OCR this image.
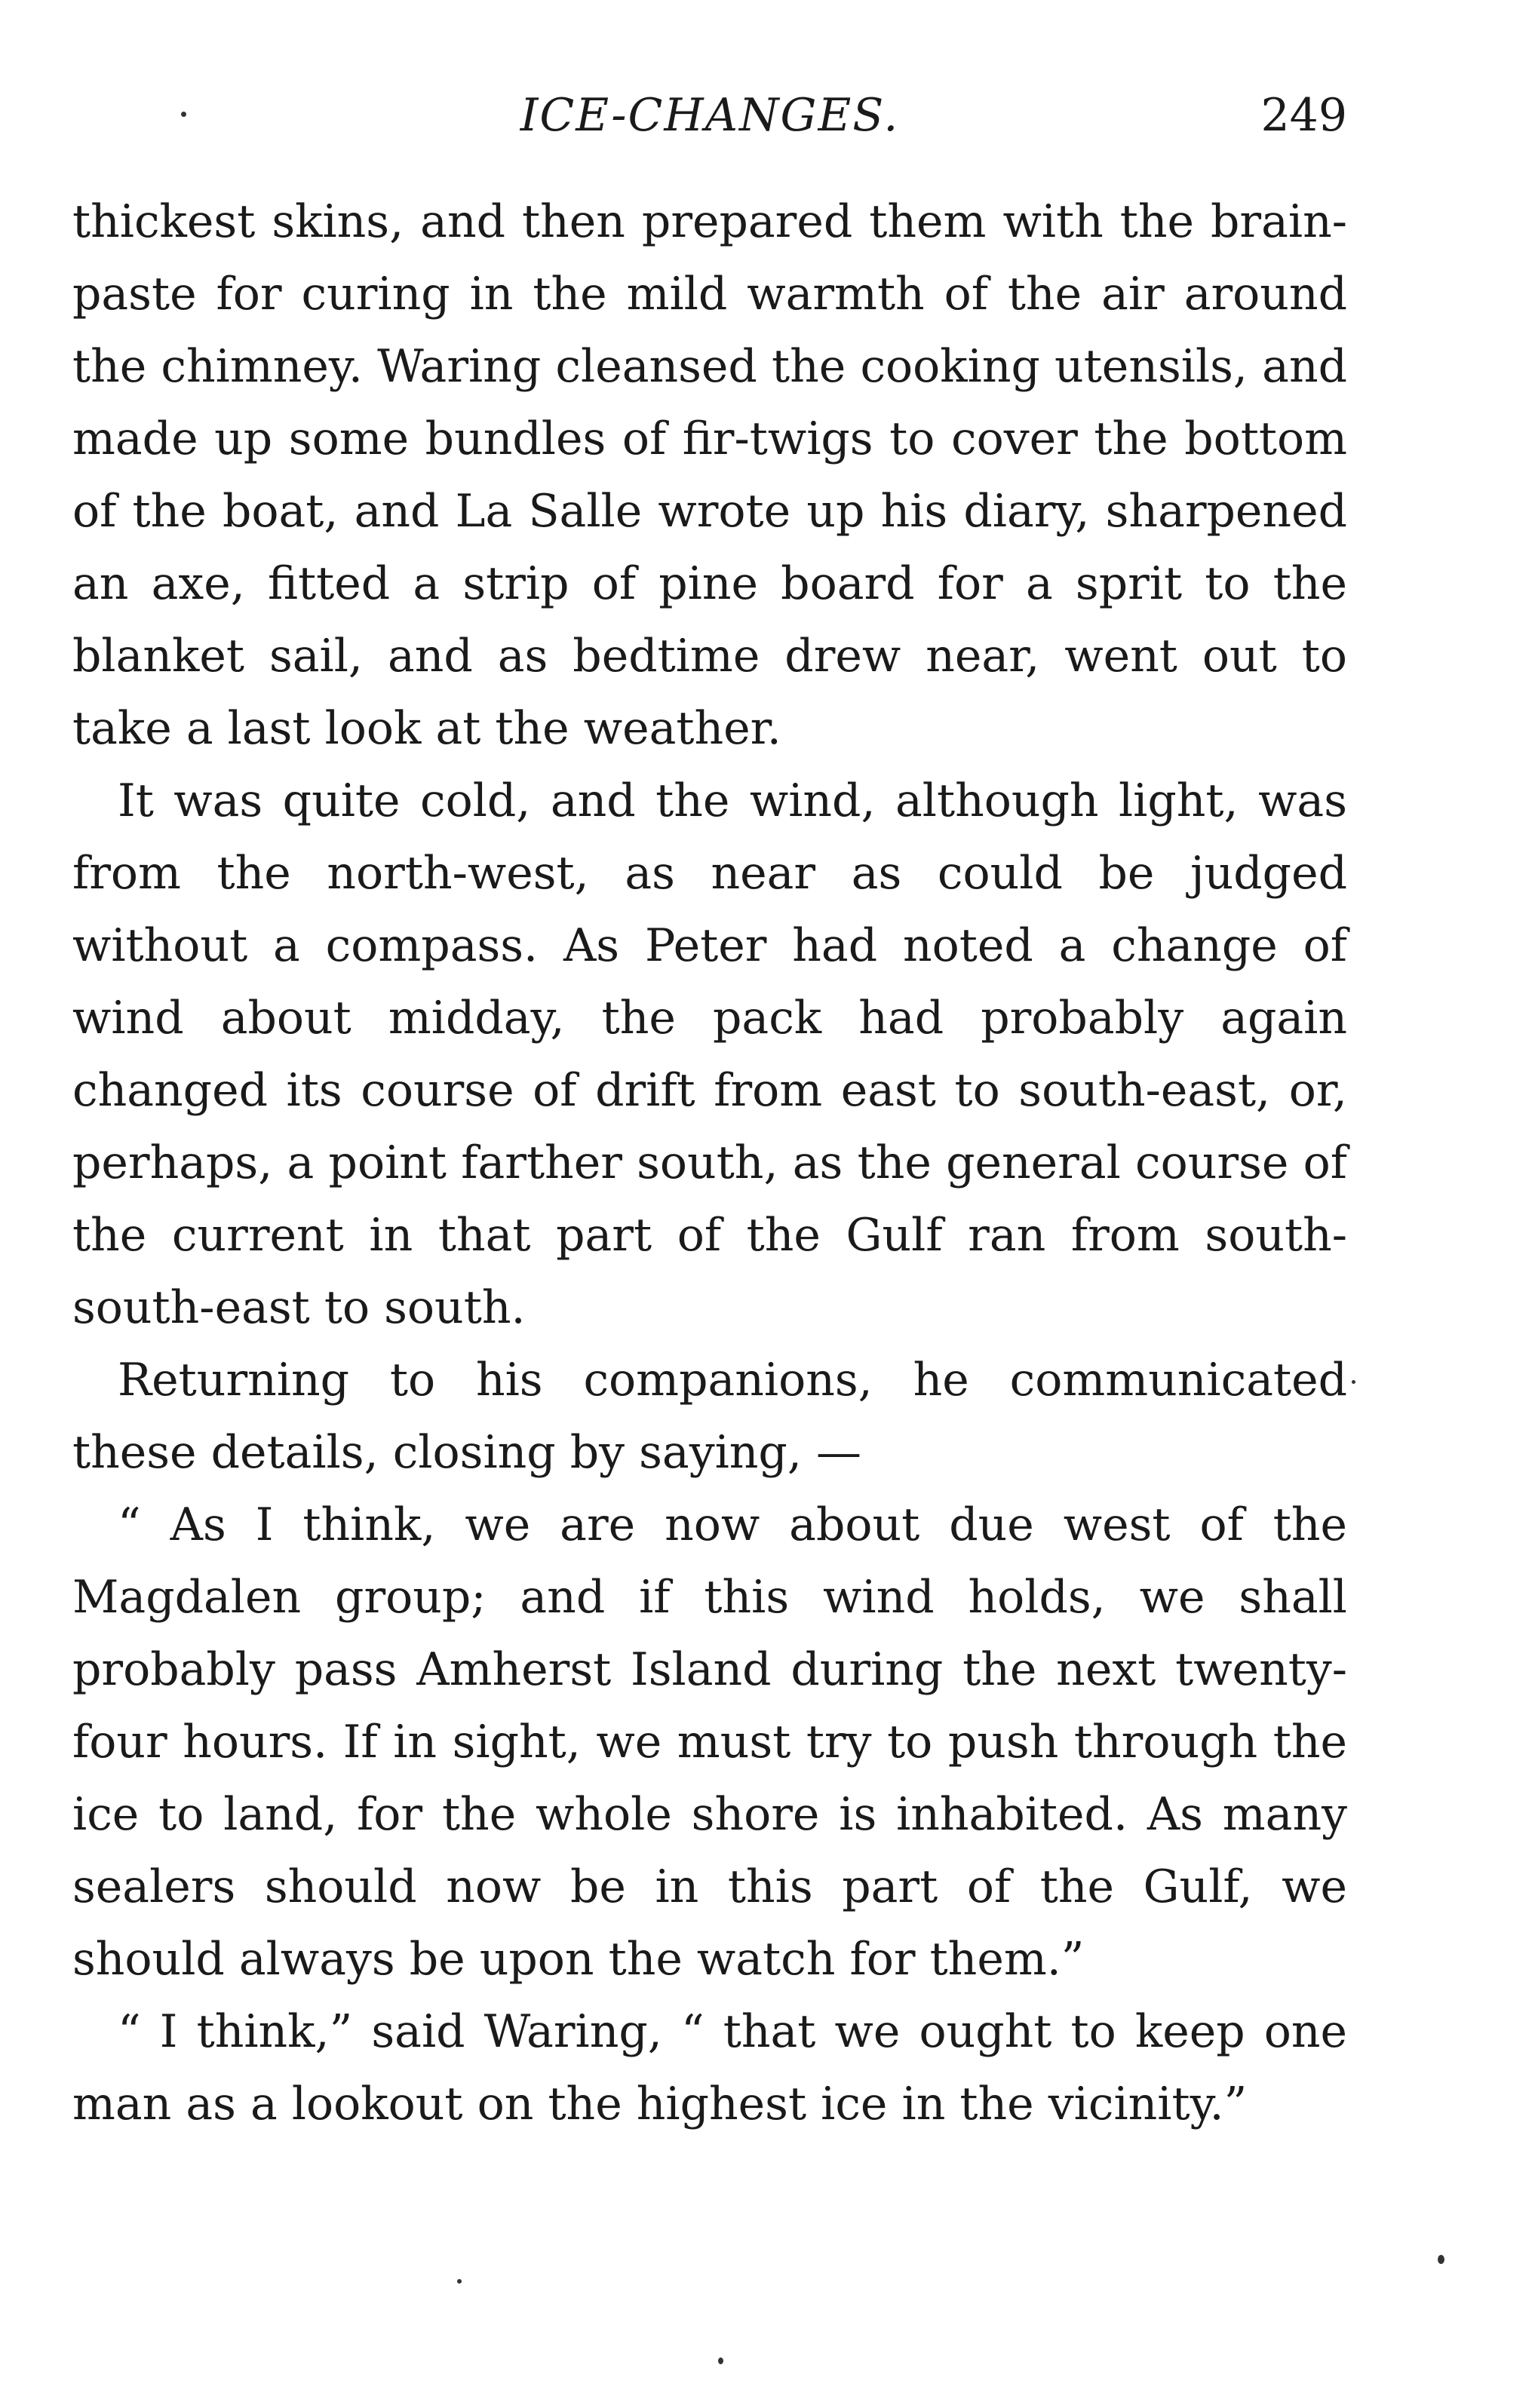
ICE-CHANGES.	249

thickest skins, and then prepared them with the brain-paste for curing in the mild warmth of the air around the chimney. Waring cleansed the cooking utensils, and made up some bundles of fir-twigs to cover the bottom of the boat, and La Salle wrote up his diary, sharpened an axe, fitted a strip of pine board for a sprit to the blanket sail, and as bedtime drew near, went out to take a last look at the weather.

It was quite cold, and the wind, although light, was from the north-west, as near as could be judged without a compass. As Peter had noted a change of wind about midday, the pack had probably again changed its course of drift from east to south-east, or, perhaps, a point farther south, as the general course of the current in that part of the Gulf ran from south-south-east to south.

Returning to his companions, he communicated these details, closing by saying, —

“ As I think, we are now about due west of the Magdalen group; and if this wind holds, we shall probably pass Amherst Island during the next twenty-four hours. If in sight, we must try to push through the ice to land, for the whole shore is inhabited. As many sealers should now be in this part of the Gulf, we should always be upon the watch for them.”

“ I think,” said Waring, “ that we ought to keep one man as a lookout on the highest ice in the vicinity.”
